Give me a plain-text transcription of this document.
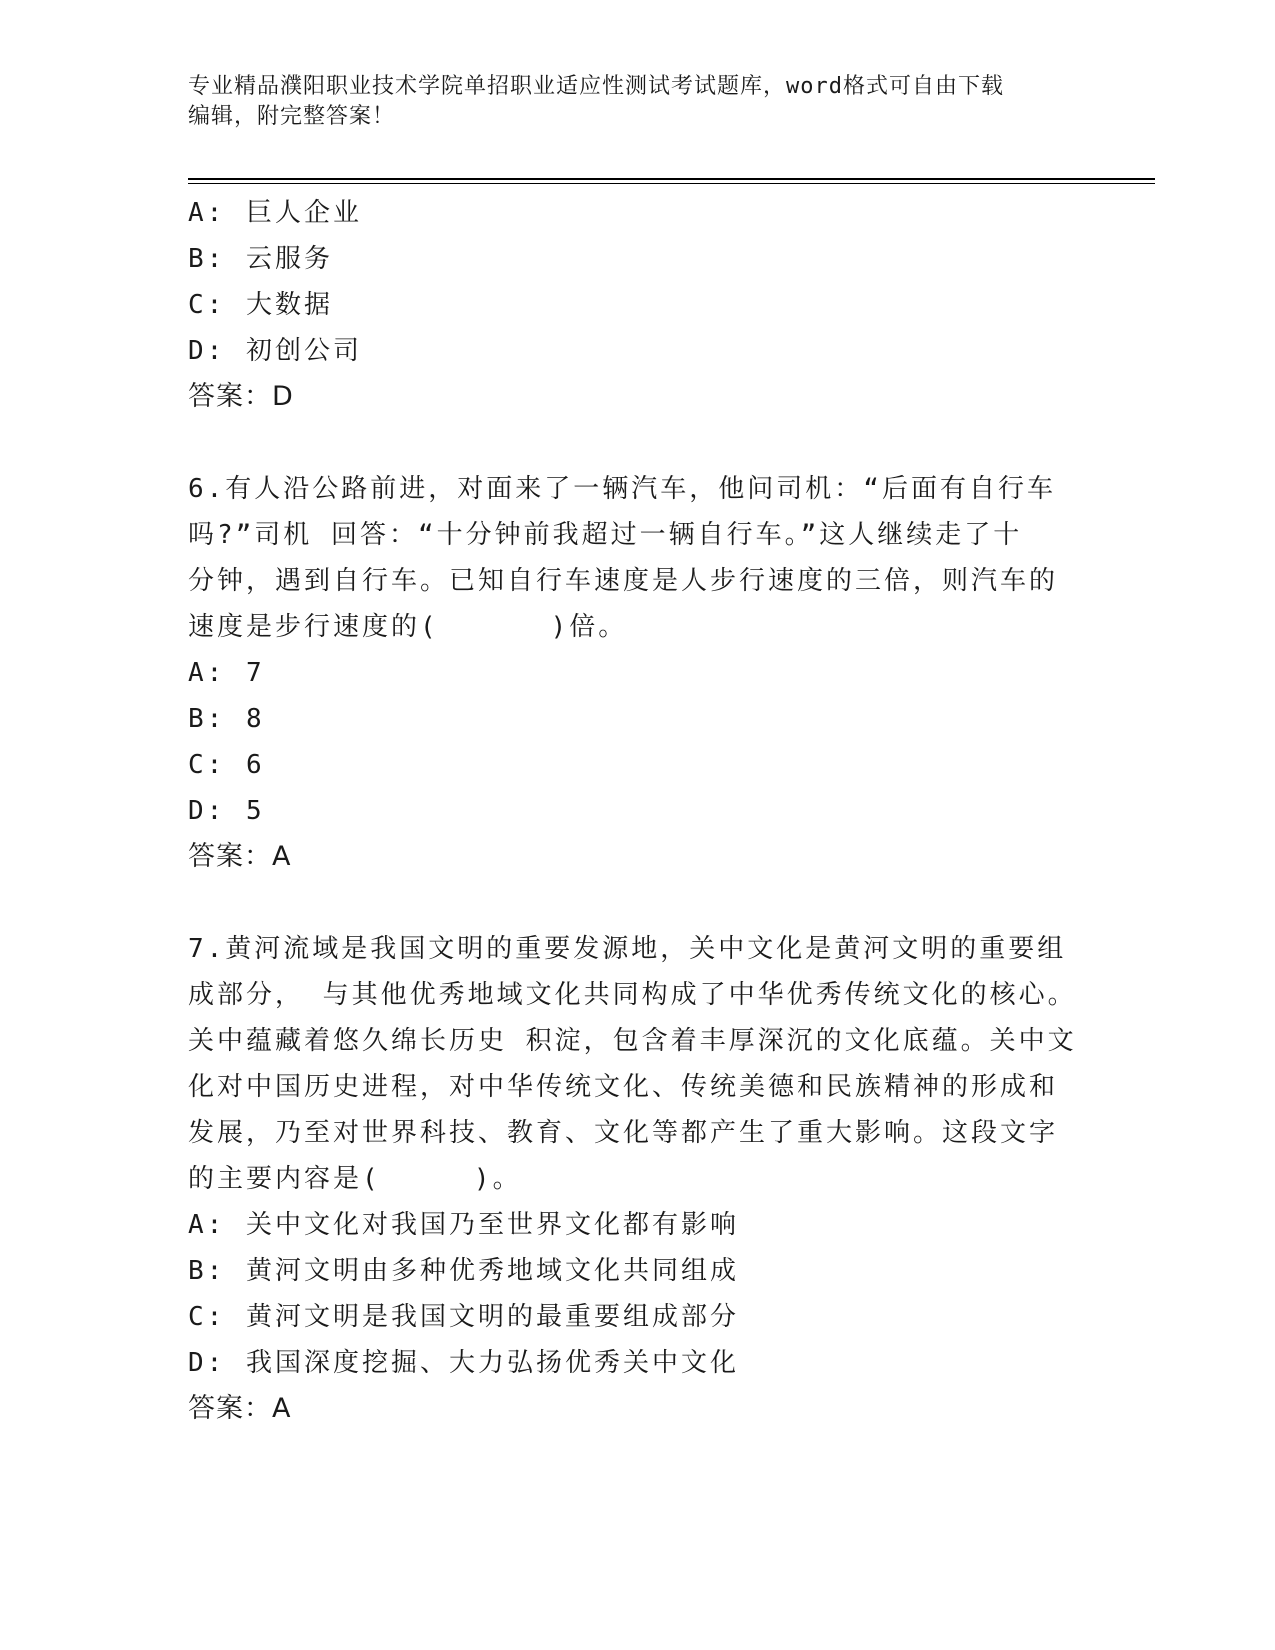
专业精品濮阳职业技术学院单招职业适应性测试考试题库，word格式可自由下载
编辑，附完整答案！
A: 巨人企业
B: 云服务
C: 大数据
D: 初创公司
答案：D
6.有人沿公路前进，对面来了一辆汽车，他问司机：“后面有自行车
吗?”司机 回答：“十分钟前我超过一辆自行车。”这人继续走了十
分钟，遇到自行车。已知自行车速度是人步行速度的三倍，则汽车的
速度是步行速度的(      )倍。
A: 7
B: 8
C: 6
D: 5
答案：A
7.黄河流域是我国文明的重要发源地，关中文化是黄河文明的重要组
成部分， 与其他优秀地域文化共同构成了中华优秀传统文化的核心。
关中蕴藏着悠久绵长历史 积淀，包含着丰厚深沉的文化底蕴。关中文
化对中国历史进程，对中华传统文化、传统美德和民族精神的形成和
发展，乃至对世界科技、教育、文化等都产生了重大影响。这段文字
的主要内容是(     )。
A: 关中文化对我国乃至世界文化都有影响
B: 黄河文明由多种优秀地域文化共同组成
C: 黄河文明是我国文明的最重要组成部分
D: 我国深度挖掘、大力弘扬优秀关中文化
答案：A
